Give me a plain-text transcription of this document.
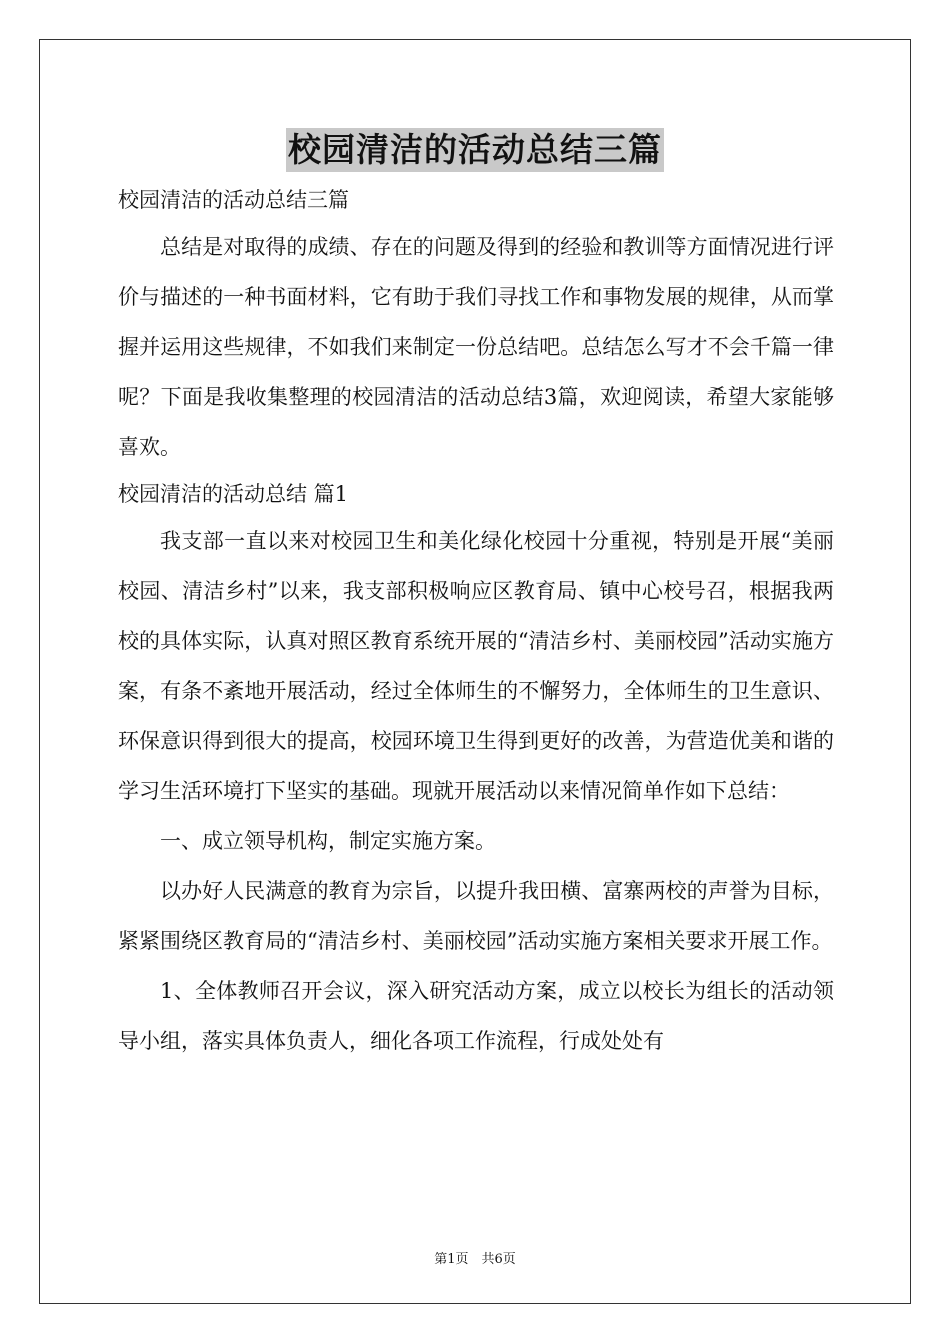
校园清洁的活动总结三篇

校园清洁的活动总结三篇

总结是对取得的成绩、存在的问题及得到的经验和教训等方面情况进行评价与描述的一种书面材料，它有助于我们寻找工作和事物发展的规律，从而掌握并运用这些规律，不如我们来制定一份总结吧。总结怎么写才不会千篇一律呢？下面是我收集整理的校园清洁的活动总结3篇，欢迎阅读，希望大家能够喜欢。

校园清洁的活动总结 篇1

我支部一直以来对校园卫生和美化绿化校园十分重视，特别是开展“美丽校园、清洁乡村”以来，我支部积极响应区教育局、镇中心校号召，根据我两校的具体实际，认真对照区教育系统开展的“清洁乡村、美丽校园”活动实施方案，有条不紊地开展活动，经过全体师生的不懈努力，全体师生的卫生意识、环保意识得到很大的提高，校园环境卫生得到更好的改善，为营造优美和谐的学习生活环境打下坚实的基础。现就开展活动以来情况简单作如下总结：

一、成立领导机构，制定实施方案。

以办好人民满意的教育为宗旨，以提升我田横、富寨两校的声誉为目标，紧紧围绕区教育局的“清洁乡村、美丽校园”活动实施方案相关要求开展工作。

1、全体教师召开会议，深入研究活动方案，成立以校长为组长的活动领导小组，落实具体负责人，细化各项工作流程，行成处处有

第1页　共6页
